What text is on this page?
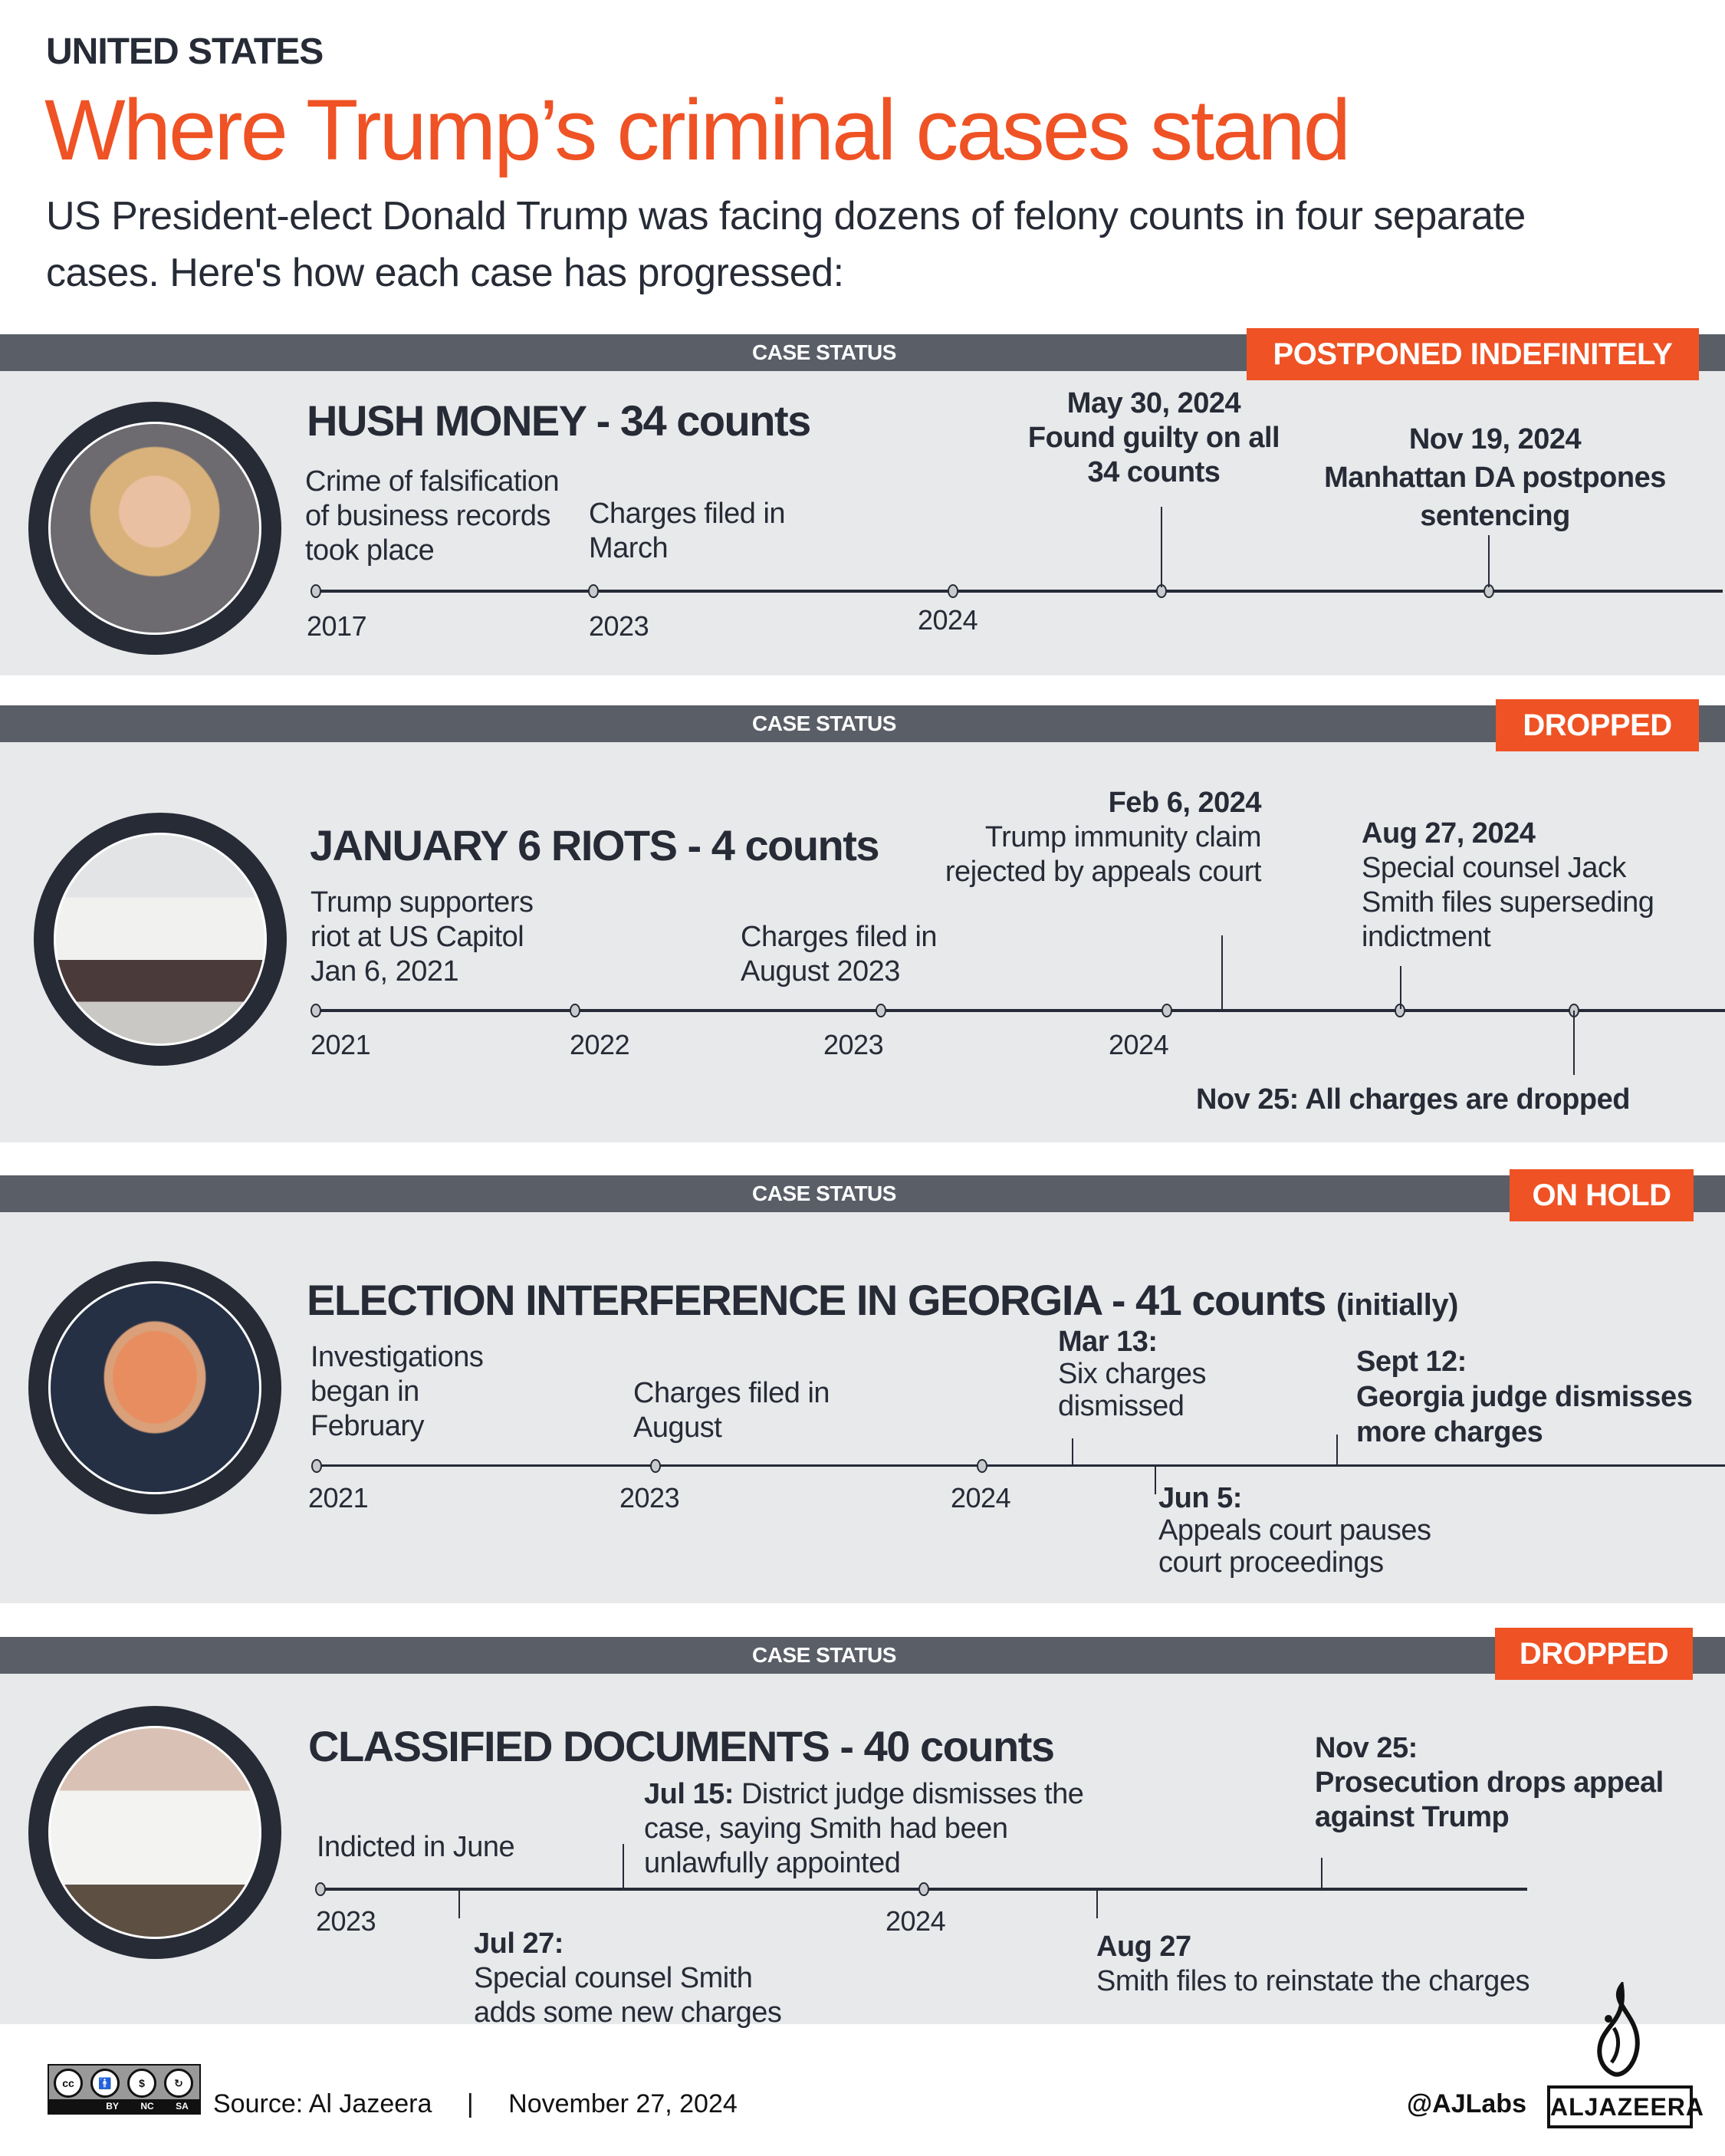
UNITED STATES
Where Trump’s criminal cases stand
US President-elect Donald Trump was facing dozens of felony counts in four separate cases. Here's how each case has progressed:
CASE STATUS	POSTPONED INDEFINITELY
HUSH MONEY - 34 counts
Crime of falsification of business records took place
Charges filed in March
May 30, 2024
Found guilty on all 34 counts
Nov 19, 2024
Manhattan DA postpones sentencing
2017	2023	2024
CASE STATUS	DROPPED
JANUARY 6 RIOTS - 4 counts
Trump supporters riot at US Capitol Jan 6, 2021
Charges filed in August 2023
Feb 6, 2024
Trump immunity claim rejected by appeals court
Aug 27, 2024
Special counsel Jack Smith files superseding indictment
Nov 25: All charges are dropped
2021	2022	2023	2024
CASE STATUS	ON HOLD
ELECTION INTERFERENCE IN GEORGIA - 41 counts (initially)
Investigations began in February
Charges filed in August
Mar 13:
Six charges dismissed
Jun 5:
Appeals court pauses court proceedings
Sept 12:
Georgia judge dismisses more charges
2021	2023	2024
CASE STATUS	DROPPED
CLASSIFIED DOCUMENTS - 40 counts
Indicted in June
Jul 27:
Special counsel Smith adds some new charges
Jul 15: District judge dismisses the case, saying Smith had been unlawfully appointed
Aug 27
Smith files to reinstate the charges
Nov 25:
Prosecution drops appeal against Trump
2023	2024
cc	🚹	$	↻
BY NC SA Source: Al Jazeera | November 27, 2024	@AJLabs ALJAZEERA
